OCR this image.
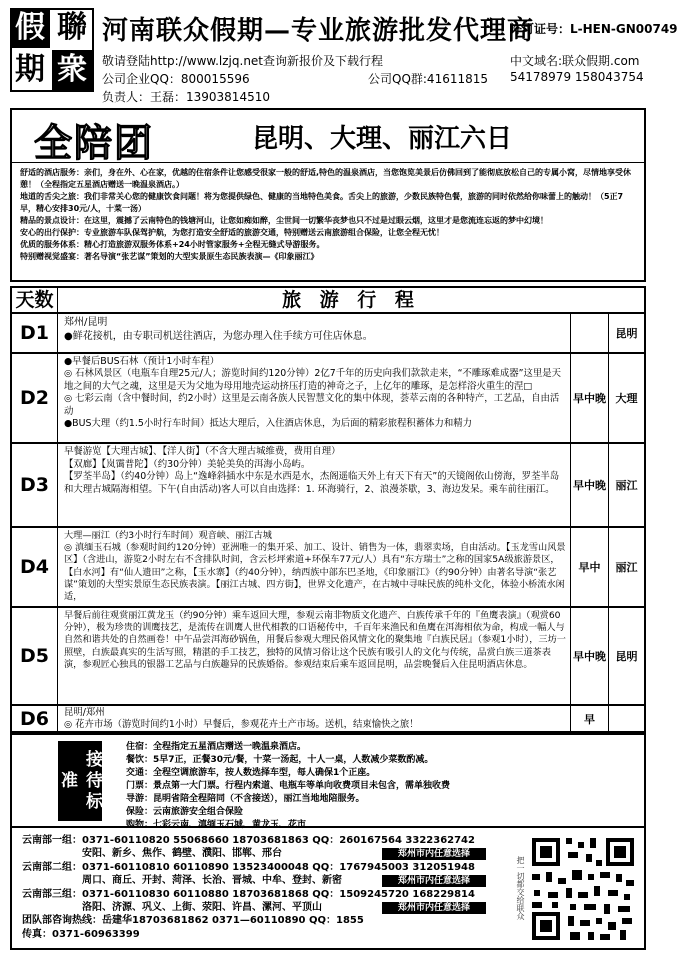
假 聯
期 衆
河南联众假期—专业旅游批发代理商
许可证号：L-HEN-GN00749
敬请登陆http://www.lzjq.net查询新报价及下载行程	中文域名:联众假期.com
公司企业QQ：800015596	公司QQ群:41611815 54178979 158043754
负责人：王磊：13903814510
全陪团	昆明、大理、丽江六日

舒适的酒店服务：亲们，身在外、心在家，优越的住宿条件让您感受很家一般的舒适,特色的温泉酒店，当您饱览美景后仿佛回到了能彻底放松自己的专属小窝，尽情地享受休憩！（全程指定五星酒店赠送一晚温泉酒店。）

地道的舌尖之旅：我们非常关心您的健康饮食问题！将为您提供绿色、健康的当地特色美食。舌尖上的旅游，少数民族特色餐，旅游的同时依然给你味蕾上的触动！（5正7早，精心安排30元/人，十菜一汤）

精品的景点设计：在这里，震撼了云南特色的钱塘河山，让您如痴如醉，尘世间一切繁华丧梦也只不过是过眼云烟，这里才是您流连忘返的梦中幻境！

安心的出行保护：专业旅游车队保驾护航，为您打造安全舒适的旅游交通，特别赠送云南旅游组合保险，让您全程无忧！

优质的服务体系：精心打造旅游双服务体系+24小时管家服务+全程无缝式导游服务。

特别赠视觉盛宴：著名导演“张艺谋”策划的大型实景原生态民族表演—《印象丽江》

天数	旅 游 行 程
D1	郑州/昆明
●鲜花接机，由专职司机送往酒店，为您办理入住手续方可住店休息。	昆明
D2
●早餐后BUS石林（预计1小时车程）
◎ 石林风景区（电瓶车自理25元/人；游览时间约120分钟）2亿7千年的历史向我们款款走来，“不雕琢难成器”这里是天地之间的大气之魂，这里是天为父地为母用地壳运动挤压打造的神奇之子，上亿年的雕琢，是怎样浴火重生的涅□
◎ 七彩云南（含中餐时间，约2小时）这里是云南各族人民智慧文化的集中体现，荟萃云南的各种特产，工艺品，自由活动
●BUS大理（约1.5小时行车时间）抵达大理后，入住酒店休息，为后面的精彩旅程积蓄体力和精力
早中晚 大理
D3
早餐游览【大理古城】、【洋人街】（不含大理古城维费，费用自理）
【双廊】【岚霭普陀】（约30分钟）美轮美奂的洱海小岛屿。
【罗荃半岛】（约40分钟）岛上“逸峰斜插水中东是水西是水，杰阁遥临天外上有天下有天”的天镜阁依山傍海，罗荃半岛和大理古城隔海相望。下午(自由活动)客人可以自由选择：1. 环海骑行，2、浪漫茶歇，3、海边发呆。乘车前往丽江。	早中晚 丽江
D4
大理—丽江（约3小时行车时间）观音峡、丽江古城
◎ 滇缅玉石城（参观时间约120分钟）亚洲唯一的集开采、加工、设计、销售为一体，翡翠卖场，自由活动。【玉龙雪山风景区】（含进山，游览2小时左右不含排队时间，含云杉坪索道+环保车77元/人）具有“东方瑞士”之称的国家5A级旅游景区，【白水河】有“仙人遗田”之称，【玉水寨】（约40分钟），纳西族中部东巴圣地，《印象丽江》（约90分钟）由著名导演“张艺谋”策划的大型实景原生态民族表演。【丽江古城、四方街】，世界文化遗产，在古城中寻味民族的纯朴文化，体验小桥流水闲适，
早中	丽江
D5
早餐后前往观赏丽江黄龙玉（约90分钟）乘车返回大理，参观云南非物质文化遗产、白族传承千年的『鱼鹰表演』（观赏60分钟），极为珍贵的训鹰技艺，是流传在训鹰人世代相教的口语秘传中，千百年来渔民和鱼鹰在洱海相依为命，构成一幅人与自然和谐共处的自然画卷！中午品尝洱海砂锅鱼，用餐后参观大理民俗风情文化的聚集地『白族民居』（参观1小时），三坊一照壁，白族最真实的生活写照，精湛的手工技艺，独特的风情习俗让这个民族有吸引人的文化与传统，品赏白族三道茶表演，参观匠心独具的银器工艺品与白族趣异的民族婚俗。参观结束后乘车返回昆明，品尝晚餐后入住昆明酒店休息。
早中晚 昆明
D6	昆明/郑州
◎ 花卉市场（游览时间约1小时）早餐后，参观花卉土产市场。送机，结束愉快之旅！	早
接待标准
住宿：全程指定五星酒店赠送一晚温泉酒店。
餐饮：5早7正，正餐30元/餐，十菜一汤起，十人一桌，人数减少菜数酌减。
交通：全程空调旅游车，按人数选择车型，每人确保1个正座。
门票：景点第一大门票。行程内索道、电瓶车等单向收费项目未包含，需单独收费
导游：昆明省陪全程陪同（不含接送），丽江当地地陪服务。
保险：云南旅游安全组合保险
购物：七彩云南、滇缅玉石城、黄龙玉、花市
云南部一组：0371-60110820 55068660 18703681863 QQ：260167564 3322362742
安阳、新乡、焦作、鹤壁、濮阳、邯郸、邢台
云南部二组：0371-60110810 60110890 13523400048 QQ：1767945003 312051948
周口、商丘、开封、菏泽、长治、晋城、中牟、登封、新密
云南部三组：0371-60110830 60110880 18703681868 QQ：1509245720 168229814
洛阳、济源、巩义、上街、荥阳、许昌、漯河、平顶山
团队部咨询热线：岳建华18703681862 0371—60110890 QQ：1855
传真：0371-60963399
郑州市内任意选择
郑州市内任意选择
郑州市内任意选择	把一切都交给联众
